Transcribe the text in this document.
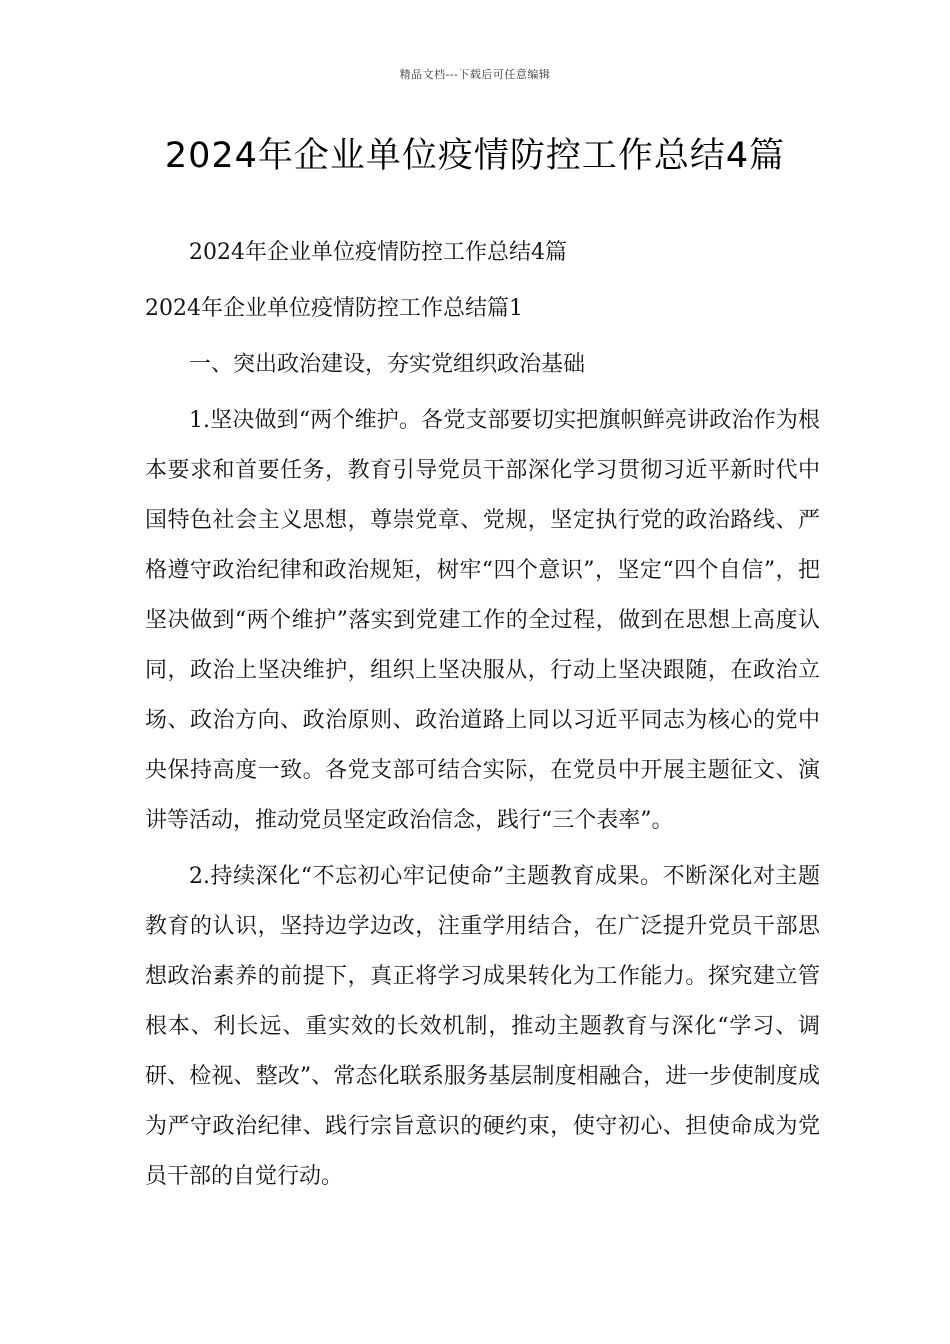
精品文档---下载后可任意编辑
2024年企业单位疫情防控工作总结4篇

2024年企业单位疫情防控工作总结4篇

2024年企业单位疫情防控工作总结篇1

一、突出政治建设，夯实党组织政治基础

1.坚决做到“两个维护。各党支部要切实把旗帜鲜亮讲政治作为根本要求和首要任务，教育引导党员干部深化学习贯彻习近平新时代中国特色社会主义思想，尊崇党章、党规，坚定执行党的政治路线、严格遵守政治纪律和政治规矩，树牢“四个意识”，坚定“四个自信”，把坚决做到“两个维护”落实到党建工作的全过程，做到在思想上高度认同，政治上坚决维护，组织上坚决服从，行动上坚决跟随，在政治立场、政治方向、政治原则、政治道路上同以习近平同志为核心的党中央保持高度一致。各党支部可结合实际，在党员中开展主题征文、演讲等活动，推动党员坚定政治信念，践行“三个表率”。

2.持续深化“不忘初心牢记使命”主题教育成果。不断深化对主题教育的认识，坚持边学边改，注重学用结合，在广泛提升党员干部思想政治素养的前提下，真正将学习成果转化为工作能力。探究建立管根本、利长远、重实效的长效机制，推动主题教育与深化“学习、调研、检视、整改”、常态化联系服务基层制度相融合，进一步使制度成为严守政治纪律、践行宗旨意识的硬约束，使守初心、担使命成为党员干部的自觉行动。
